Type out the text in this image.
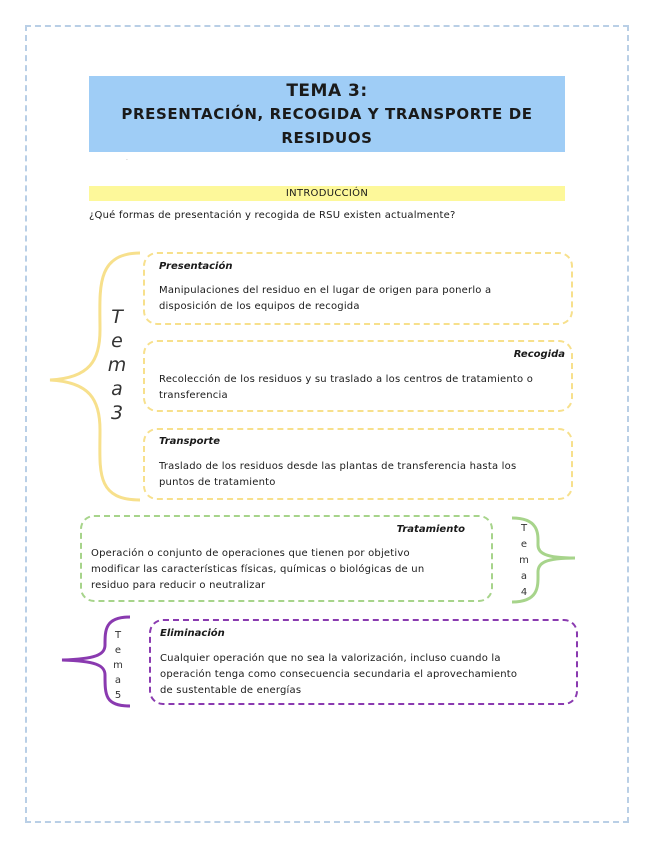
TEMA 3:
PRESENTACIÓN, RECOGIDA Y TRANSPORTE DE
RESIDUOS
·
INTRODUCCIÓN
¿Qué formas de presentación y recogida de RSU existen actualmente?
T
e
m
a
3
T
e
m
a
4
T
e
m
a
5
Presentación
Manipulaciones del residuo en el lugar de origen para ponerlo a
disposición de los equipos de recogida
Recogida
Recolección de los residuos y su traslado a los centros de tratamiento o
transferencia
Transporte
Traslado de los residuos desde las plantas de transferencia hasta los
puntos de tratamiento
Tratamiento
Operación o conjunto de operaciones que tienen por objetivo
modificar las características físicas, químicas o biológicas de un
residuo para reducir o neutralizar
Eliminación
Cualquier operación que no sea la valorización, incluso cuando la
operación tenga como consecuencia secundaria el aprovechamiento
de sustentable de energías
